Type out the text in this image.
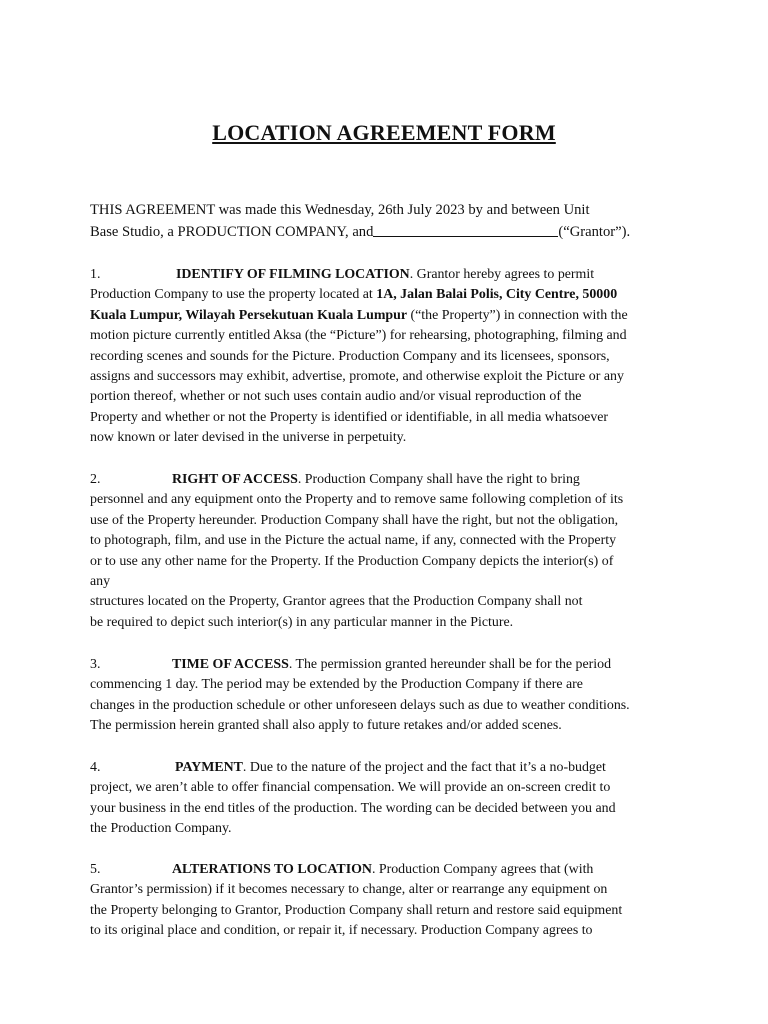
LOCATION AGREEMENT FORM

THIS AGREEMENT was made this Wednesday, 26th July 2023 by and between Unit
Base Studio, a PRODUCTION COMPANY, and	(“Grantor”).

1.	IDENTIFY OF FILMING LOCATION. Grantor hereby agrees to permit
Production Company to use the property located at 1A, Jalan Balai Polis, City Centre, 50000
Kuala Lumpur, Wilayah Persekutuan Kuala Lumpur (“the Property”) in connection with the
motion picture currently entitled Aksa (the “Picture”) for rehearsing, photographing, filming and
recording scenes and sounds for the Picture. Production Company and its licensees, sponsors,
assigns and successors may exhibit, advertise, promote, and otherwise exploit the Picture or any
portion thereof, whether or not such uses contain audio and/or visual reproduction of the
Property and whether or not the Property is identified or identifiable, in all media whatsoever
now known or later devised in the universe in perpetuity.

2.	RIGHT OF ACCESS. Production Company shall have the right to bring
personnel and any equipment onto the Property and to remove same following completion of its
use of the Property hereunder. Production Company shall have the right, but not the obligation,
to photograph, film, and use in the Picture the actual name, if any, connected with the Property
or to use any other name for the Property. If the Production Company depicts the interior(s) of
any
structures located on the Property, Grantor agrees that the Production Company shall not
be required to depict such interior(s) in any particular manner in the Picture.

3.	TIME OF ACCESS. The permission granted hereunder shall be for the period
commencing 1 day. The period may be extended by the Production Company if there are
changes in the production schedule or other unforeseen delays such as due to weather conditions.
The permission herein granted shall also apply to future retakes and/or added scenes.

4.	PAYMENT. Due to the nature of the project and the fact that it’s a no-budget
project, we aren’t able to offer financial compensation. We will provide an on-screen credit to
your business in the end titles of the production. The wording can be decided between you and
the Production Company.

5.	ALTERATIONS TO LOCATION. Production Company agrees that (with
Grantor’s permission) if it becomes necessary to change, alter or rearrange any equipment on
the Property belonging to Grantor, Production Company shall return and restore said equipment
to its original place and condition, or repair it, if necessary. Production Company agrees to
